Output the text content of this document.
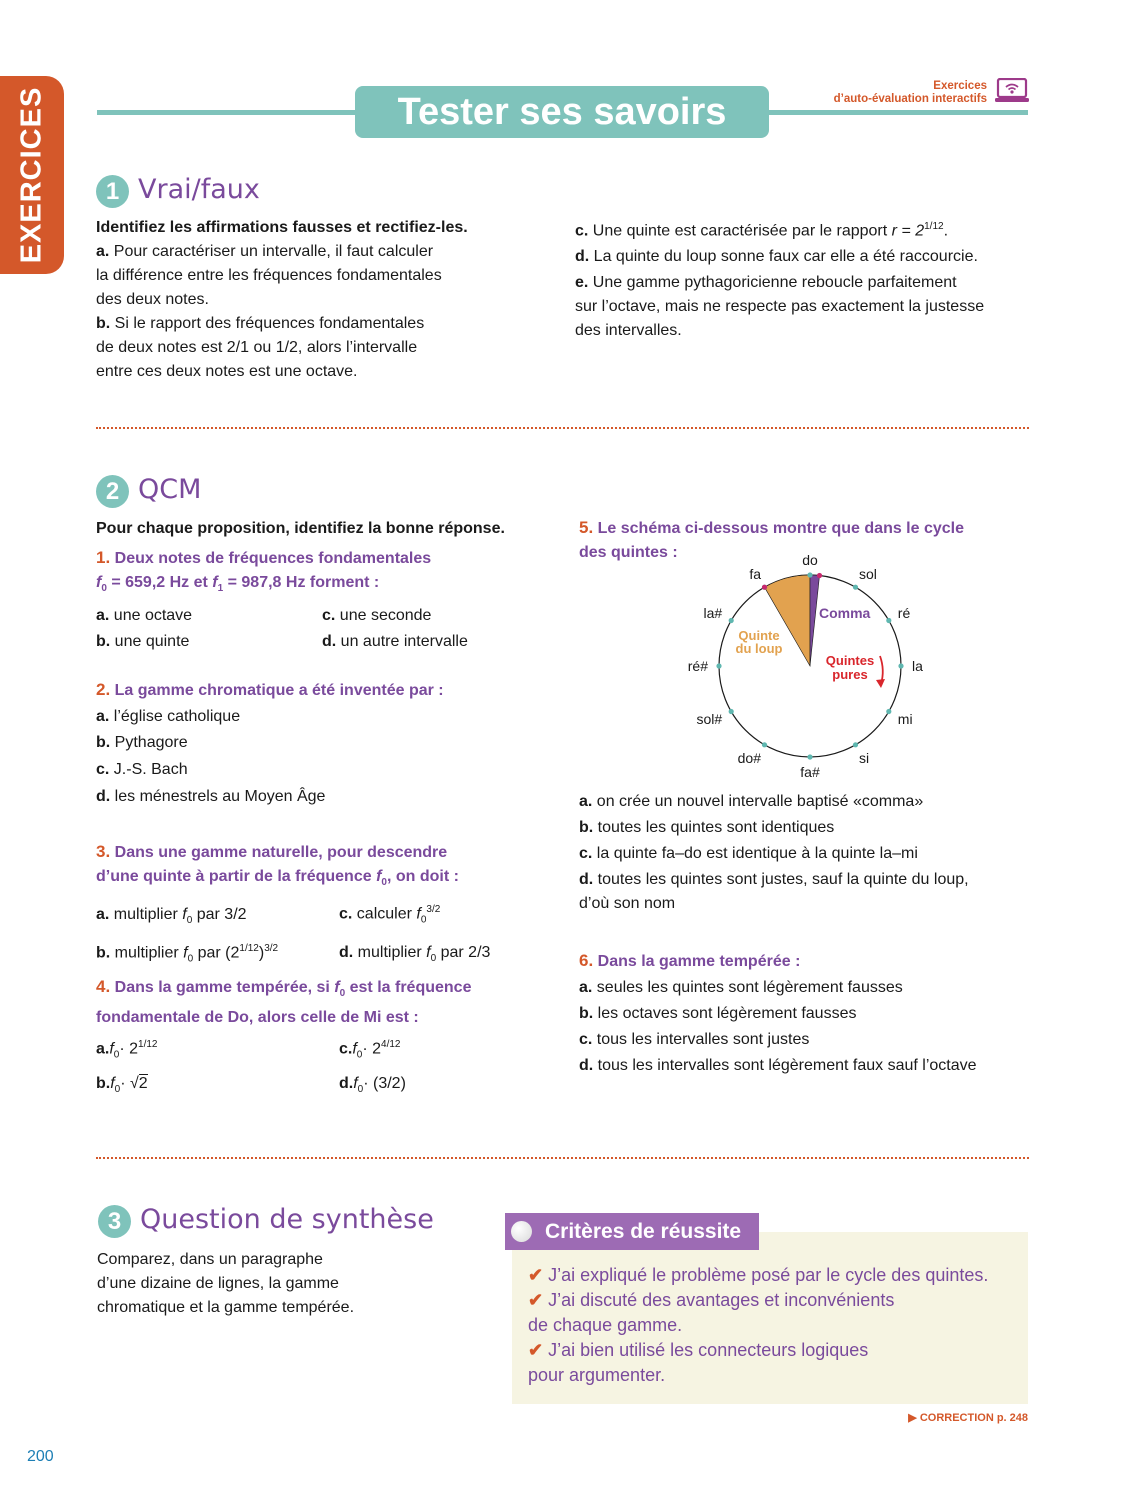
EXERCICES	Tester ses savoirs
Exercices
d’auto-évaluation interactifs
1 Vrai/faux
Identifiez les affirmations fausses et rectifiez-les.
a. Pour caractériser un intervalle, il faut calculer
la différence entre les fréquences fondamentales
des deux notes.
b. Si le rapport des fréquences fondamentales
de deux notes est 2/1 ou 1/2, alors l’intervalle
entre ces deux notes est une octave.
c. Une quinte est caractérisée par le rapport $r = 2^{1/12}$.
d. La quinte du loup sonne faux car elle a été raccourcie.
e. Une gamme pythagoricienne reboucle parfaitement
sur l’octave, mais ne respecte pas exactement la justesse
des intervalles.
2 QCM
Pour chaque proposition, identifiez la bonne réponse.
1. Deux notes de fréquences fondamentales
$f_0 = 659,2$ Hz et $f_1 = 987,8$ Hz forment :
a. une octave	c. une seconde
b. une quinte	d. un autre intervalle
2. La gamme chromatique a été inventée par :
a. l’église catholique
b. Pythagore
c. J.-S. Bach
d. les ménestrels au Moyen Âge
3. Dans une gamme naturelle, pour descendre
d’une quinte à partir de la fréquence $f_0$, on doit :
a. multiplier $f_0$ par 3/2	c. calculer $f_0^{3/2}$
b. multiplier $f_0$ par $(2^{1/12})^{3/2}$	d. multiplier $f_0$ par 2/3
4. Dans la gamme tempérée, si $f_0$ est la fréquence
fondamentale de Do, alors celle de Mi est :
$a.f_0\cdot 2^{1/12}$	$c.f_0\cdot 2^{4/12}$
$b.f_0\cdot √2$	$d.f_0\cdot (3/2)$
5. Le schéma ci-dessous montre que dans le cycle
des quintes :	do
sol
ré
la
mi
si
fa#
do#
sol#
ré#
la#
fa
Comma
Quinte
du loup
Quintes
pures
a. on crée un nouvel intervalle baptisé «comma»
b. toutes les quintes sont identiques
c. la quinte fa–do est identique à la quinte la–mi
d. toutes les quintes sont justes, sauf la quinte du loup,
d’où son nom
6. Dans la gamme tempérée :
a. seules les quintes sont légèrement fausses
b. les octaves sont légèrement fausses
c. tous les intervalles sont justes
d. tous les intervalles sont légèrement faux sauf l’octave
3 Question de synthèse
Comparez, dans un paragraphe
d’une dizaine de lignes, la gamme
chromatique et la gamme tempérée.
Critères de réussite
✔ J’ai expliqué le problème posé par le cycle des quintes.
✔ J’ai discuté des avantages et inconvénients
de chaque gamme.
✔ J’ai bien utilisé les connecteurs logiques
pour argumenter.
▶ CORRECTION p. 248
200
